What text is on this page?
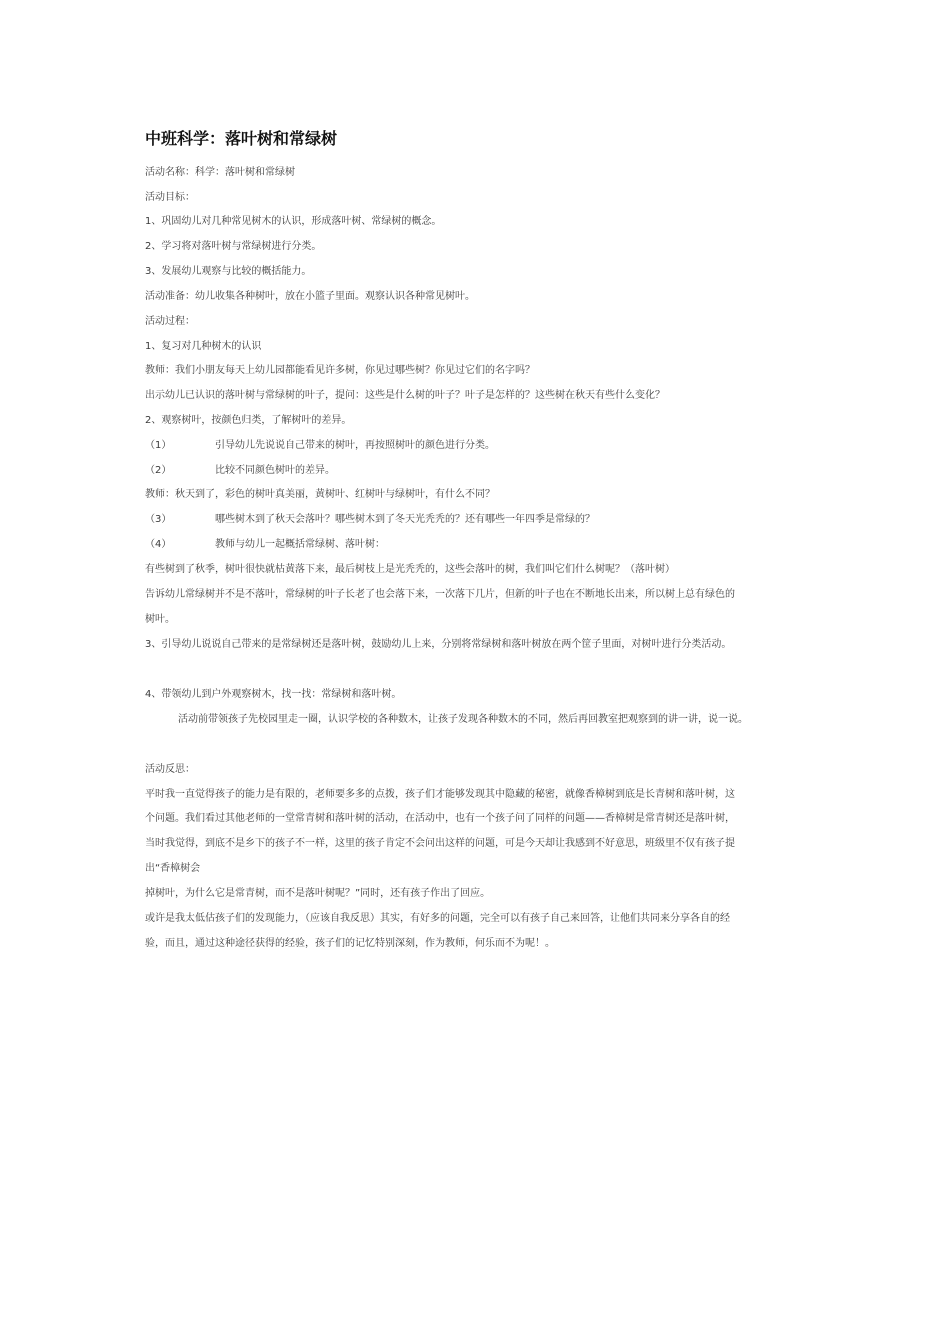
中班科学：落叶树和常绿树
活动名称：科学：落叶树和常绿树
活动目标：
1、巩固幼儿对几种常见树木的认识，形成落叶树、常绿树的概念。
2、学习将对落叶树与常绿树进行分类。
3、发展幼儿观察与比较的概括能力。
活动准备：幼儿收集各种树叶，放在小篮子里面。观察认识各种常见树叶。
活动过程：
1、复习对几种树木的认识
教师：我们小朋友每天上幼儿园都能看见许多树，你见过哪些树？你见过它们的名字吗？
出示幼儿已认识的落叶树与常绿树的叶子，提问：这些是什么树的叶子？叶子是怎样的？这些树在秋天有些什么变化？
2、观察树叶，按颜色归类，了解树叶的差异。
（1）	引导幼儿先说说自己带来的树叶，再按照树叶的颜色进行分类。
（2）	比较不同颜色树叶的差异。
教师：秋天到了，彩色的树叶真美丽，黄树叶、红树叶与绿树叶，有什么不同？
（3）	哪些树木到了秋天会落叶？哪些树木到了冬天光秃秃的？还有哪些一年四季是常绿的？
（4）	教师与幼儿一起概括常绿树、落叶树：
有些树到了秋季，树叶很快就枯黄落下来，最后树枝上是光秃秃的，这些会落叶的树，我们叫它们什么树呢？（落叶树）
告诉幼儿常绿树并不是不落叶，常绿树的叶子长老了也会落下来，一次落下几片，但新的叶子也在不断地长出来，所以树上总有绿色的
树叶。
3、引导幼儿说说自己带来的是常绿树还是落叶树，鼓励幼儿上来，分别将常绿树和落叶树放在两个筐子里面，对树叶进行分类活动。
4、带领幼儿到户外观察树木，找一找：常绿树和落叶树。
活动前带领孩子先校园里走一圈，认识学校的各种数木，让孩子发现各种数木的不同，然后再回教室把观察到的讲一讲，说一说。
活动反思：
平时我一直觉得孩子的能力是有限的，老师要多多的点拨，孩子们才能够发现其中隐藏的秘密，就像香樟树到底是长青树和落叶树，这
个问题。我们看过其他老师的一堂常青树和落叶树的活动，在活动中，也有一个孩子问了同样的问题——香樟树是常青树还是落叶树，
当时我觉得，到底不是乡下的孩子不一样，这里的孩子肯定不会问出这样的问题，可是今天却让我感到不好意思，班级里不仅有孩子提
出“香樟树会
掉树叶，为什么它是常青树，而不是落叶树呢？”同时，还有孩子作出了回应。
或许是我太低估孩子们的发现能力，（应该自我反思）其实，有好多的问题，完全可以有孩子自己来回答，让他们共同来分享各自的经
验，而且，通过这种途径获得的经验，孩子们的记忆特别深刻，作为教师，何乐而不为呢！。
